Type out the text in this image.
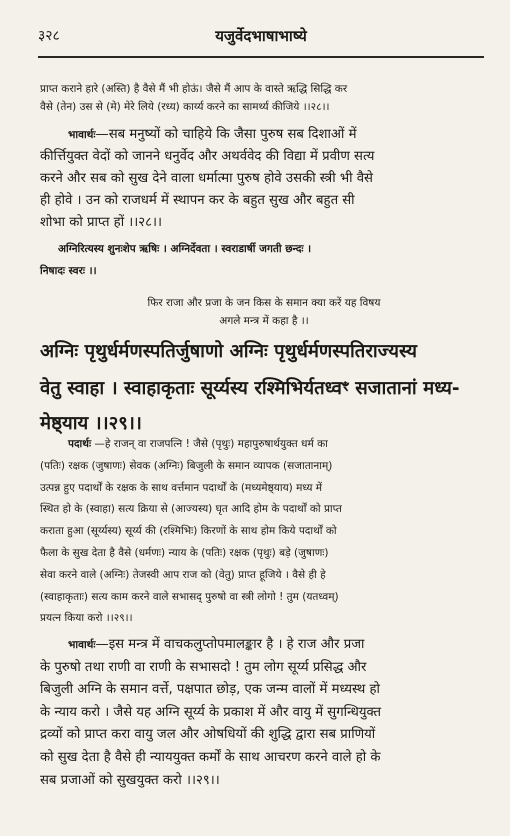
३२८	यजुर्वेदभाषाभाष्ये

प्राप्त कराने हारे (अस्ति) है वैसे मैं भी होऊं। जैसे मैं आप के वास्ते ऋद्धि सिद्धि कर

वैसे (तेन) उस से (मे) मेरे लिये (रध्य) कार्य्य करने का सामर्थ्य कीजिये ।।२८।।

भावार्थः—सब मनुष्यों को चाहिये कि जैसा पुरुष सब दिशाओं में

कीर्त्तियुक्त वेदों को जानने धनुर्वेद और अथर्ववेद की विद्या में प्रवीण सत्य

करने और सब को सुख देने वाला धर्मात्मा पुरुष होवे उसकी स्त्री भी वैसे

ही होवे । उन को राजधर्म में स्थापन कर के बहुत सुख और बहुत सी

शोभा को प्राप्त हों ।।२८।।

अग्निरित्यस्य शुनःशेप ऋषिः । अग्निर्देवता । स्वराडार्षी जगती छन्दः ।

निषादः स्वरः ।।

फिर राजा और प्रजा के जन किस के समान क्या करें यह विषय

अगले मन्त्र में कहा है ।।

अग्निः पृथुर्धर्मणस्पतिर्जुषाणो अग्निः पृथुर्धर्मणस्पतिराज्यस्य

वेतु स्वाहा । स्वाहाकृताः सूर्य्यस्य रश्मिभिर्यतध्वꣳ सजातानां मध्य-

मेष्ठ्याय ।।२९।।

पदार्थः —हे राजन् वा राजपत्नि ! जैसे (पृथुः) महापुरुषार्थयुक्त धर्म का

(पतिः) रक्षक (जुषाणः) सेवक (अग्निः) बिजुली के समान व्यापक (सजातानाम्)

उत्पन्न हुए पदार्थों के रक्षक के साथ वर्त्तमान पदार्थों के (मध्यमेष्ठ्याय) मध्य में

स्थित हो के (स्वाहा) सत्य क्रिया से (आज्यस्य) घृत आदि होम के पदार्थों को प्राप्त

कराता हुआ (सूर्य्यस्य) सूर्य्य की (रश्मिभिः) किरणों के साथ होम किये पदार्थों को

फैला के सुख देता है वैसे (धर्मणः) न्याय के (पतिः) रक्षक (पृथुः) बड़े (जुषाणः)

सेवा करने वाले (अग्निः) तेजस्वी आप राज को (वेतु) प्राप्त हूजिये । वैसे ही हे

(स्वाहाकृताः) सत्य काम करने वाले सभासद् पुरुषो वा स्त्री लोगो ! तुम (यतध्वम्)

प्रयत्न किया करो ।।२९।।

भावार्थः—इस मन्त्र में वाचकलुप्तोपमालङ्कार है । हे राज और प्रजा

के पुरुषो तथा राणी वा राणी के सभासदो ! तुम लोग सूर्य्य प्रसिद्ध और

बिजुली अग्नि के समान वर्त्ते, पक्षपात छोड़, एक जन्म वालों में मध्यस्थ हो

के न्याय करो । जैसे यह अग्नि सूर्य्य के प्रकाश में और वायु में सुगन्धियुक्त

द्रव्यों को प्राप्त करा वायु जल और ओषधियों की शुद्धि द्वारा सब प्राणियों

को सुख देता है वैसे ही न्याययुक्त कर्मों के साथ आचरण करने वाले हो के

सब प्रजाओं को सुखयुक्त करो ।।२९।।
